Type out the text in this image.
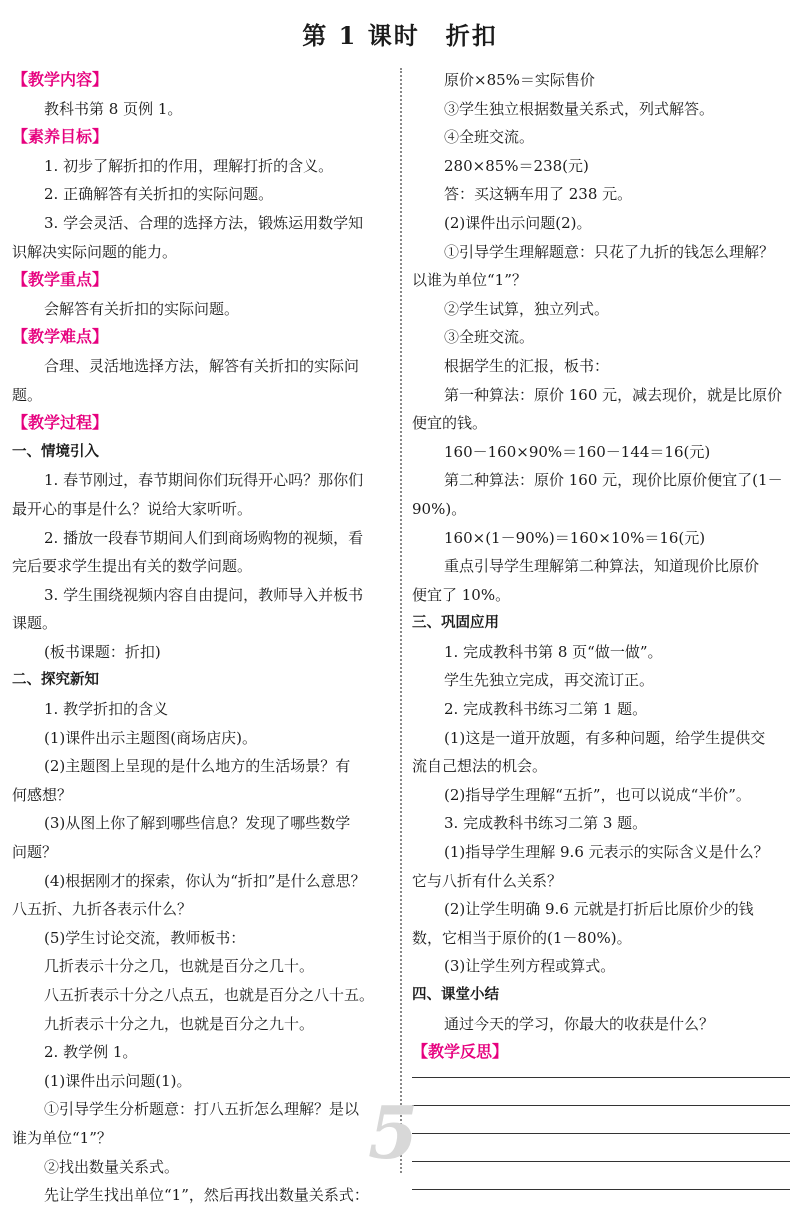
第 1 课时　折扣
【教学内容】
教科书第 8 页例 1。
【素养目标】
1. 初步了解折扣的作用，理解打折的含义。
2. 正确解答有关折扣的实际问题。
3. 学会灵活、合理的选择方法，锻炼运用数学知
识解决实际问题的能力。
【教学重点】
会解答有关折扣的实际问题。
【教学难点】
合理、灵活地选择方法，解答有关折扣的实际问
题。
【教学过程】
一、情境引入
1. 春节刚过，春节期间你们玩得开心吗？那你们
最开心的事是什么？说给大家听听。
2. 播放一段春节期间人们到商场购物的视频，看
完后要求学生提出有关的数学问题。
3. 学生围绕视频内容自由提问，教师导入并板书
课题。
(板书课题：折扣)
二、探究新知
1. 教学折扣的含义
(1)课件出示主题图(商场店庆)。
(2)主题图上呈现的是什么地方的生活场景？有
何感想？
(3)从图上你了解到哪些信息？发现了哪些数学
问题？
(4)根据刚才的探索，你认为“折扣”是什么意思？
八五折、九折各表示什么？
(5)学生讨论交流，教师板书：
几折表示十分之几，也就是百分之几十。
八五折表示十分之八点五，也就是百分之八十五。
九折表示十分之九，也就是百分之九十。
2. 教学例 1。
(1)课件出示问题(1)。
①引导学生分析题意：打八五折怎么理解？是以
谁为单位“1”？
②找出数量关系式。
先让学生找出单位“1”，然后再找出数量关系式：
原价×85%＝实际售价
③学生独立根据数量关系式，列式解答。
④全班交流。
280×85%＝238(元)
答：买这辆车用了 238 元。
(2)课件出示问题(2)。
①引导学生理解题意：只花了九折的钱怎么理解？
以谁为单位“1”？
②学生试算，独立列式。
③全班交流。
根据学生的汇报，板书：
第一种算法：原价 160 元，减去现价，就是比原价
便宜的钱。
160－160×90%＝160－144＝16(元)
第二种算法：原价 160 元，现价比原价便宜了(1－
90%)。
160×(1－90%)＝160×10%＝16(元)
重点引导学生理解第二种算法，知道现价比原价
便宜了 10%。
三、巩固应用
1. 完成教科书第 8 页“做一做”。
学生先独立完成，再交流订正。
2. 完成教科书练习二第 1 题。
(1)这是一道开放题，有多种问题，给学生提供交
流自己想法的机会。
(2)指导学生理解“五折”，也可以说成“半价”。
3. 完成教科书练习二第 3 题。
(1)指导学生理解 9.6 元表示的实际含义是什么？
它与八折有什么关系？
(2)让学生明确 9.6 元就是打折后比原价少的钱
数，它相当于原价的(1－80%)。
(3)让学生列方程或算式。
四、课堂小结
通过今天的学习，你最大的收获是什么？
【教学反思】
5
